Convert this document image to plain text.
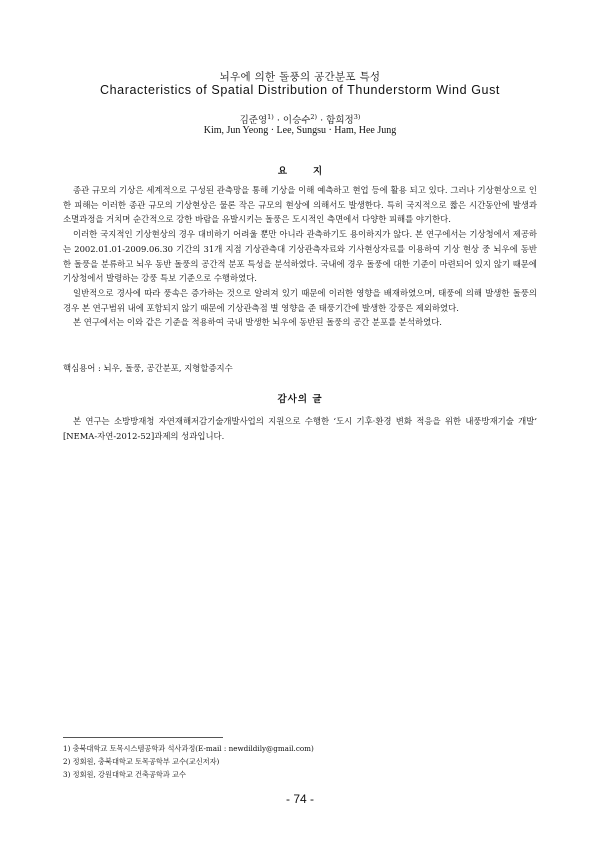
뇌우에 의한 돌풍의 공간분포 특성
Characteristics of Spatial Distribution of Thunderstorm Wind Gust
김준영$^{1)}$ · 이승수$^{2)}$ · 함희정$^{3)}$
Kim, Jun Yeong · Lee, Sungsu · Ham, Hee Jung
요지

종관 규모의 기상은 세계적으로 구성된 관측망을 통해 기상을 이해 예측하고 현업 등에 활용 되고 있다. 그러나 기상현상으로 인한 피해는 이러한 종관 규모의 기상현상은 물론 작은 규모의 현상에 의해서도 발생한다. 특히 국지적으로 짧은 시간동안에 발생과 소멸과정을 거치며 순간적으로 강한 바람을 유발시키는 돌풍은 도시적인 측면에서 다양한 피해를 야기한다.

이러한 국지적인 기상현상의 경우 대비하기 어려울 뿐만 아니라 관측하기도 용이하지가 않다. 본 연구에서는 기상청에서 제공하는 2002.01.01-2009.06.30 기간의 31개 지점 기상관측대 기상관측자료와 기사현상자료를 이용하여 기상 현상 중 뇌우에 동반한 돌풍을 분류하고 뇌우 동반 돌풍의 공간적 분포 특성을 분석하였다. 국내에 경우 돌풍에 대한 기준이 마련되어 있지 않기 때문에 기상청에서 발령하는 강풍 특보 기준으로 수행하였다.

일반적으로 경사에 따라 풍속은 증가하는 것으로 알려져 있기 때문에 이러한 영향을 배재하였으며, 태풍에 의해 발생한 돌풍의 경우 본 연구범위 내에 포함되지 않기 때문에 기상관측점 별 영향을 준 태풍기간에 발생한 강풍은 제외하였다.

본 연구에서는 이와 같은 기준을 적용하여 국내 발생한 뇌우에 동반된 돌풍의 공간 분포를 분석하였다.

핵심용어 : 뇌우, 돌풍, 공간분포, 지형할증지수
감사의 글

본 연구는 소방방재청 자연재해저감기술개발사업의 지원으로 수행한 ‘도시 기후·환경 변화 적응을 위한 내풍방재기술 개발’ [NEMA-자연-2012-52]과제의 성과입니다.

1) 충북대학교 토목시스템공학과 석사과정(E-mail : newdildily@gmail.com)
2) 정회원, 충북대학교 토목공학부 교수(교신저자)
3) 정회원, 강원대학교 건축공학과 교수
- 74 -
